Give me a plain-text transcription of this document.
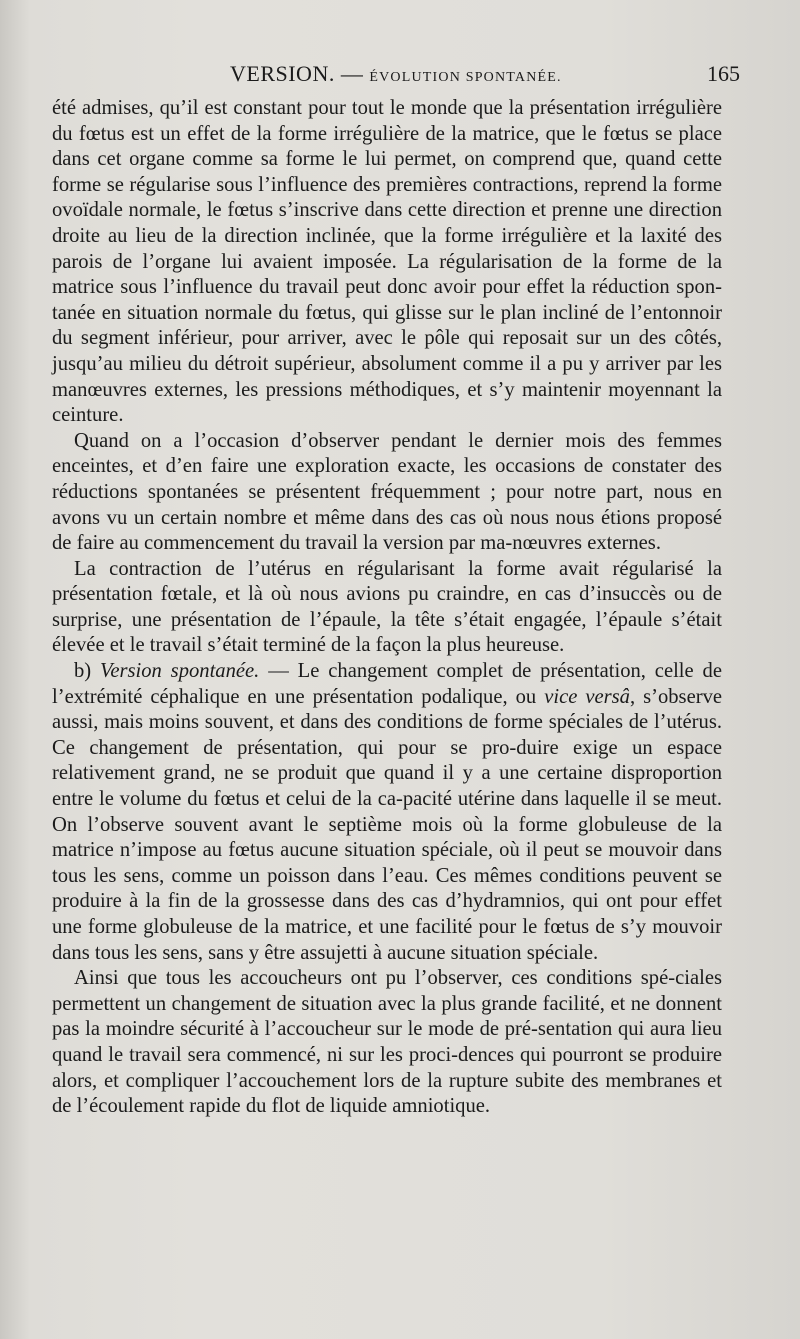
VERSION. — ÉVOLUTION SPONTANÉE.	165

été admises, qu’il est constant pour tout le monde que la présentation irrégulière du fœtus est un effet de la forme irrégulière de la matrice, que le fœtus se place dans cet organe comme sa forme le lui permet, on comprend que, quand cette forme se régularise sous l’influence des premières contractions, reprend la forme ovoïdale normale, le fœtus s’inscrive dans cette direction et prenne une direction droite au lieu de la direction inclinée, que la forme irrégulière et la laxité des parois de l’organe lui avaient imposée. La régularisation de la forme de la matrice sous l’influence du travail peut donc avoir pour effet la réduction spon-tanée en situation normale du fœtus, qui glisse sur le plan incliné de l’entonnoir du segment inférieur, pour arriver, avec le pôle qui reposait sur un des côtés, jusqu’au milieu du détroit supérieur, absolument comme il a pu y arriver par les manœuvres externes, les pressions méthodiques, et s’y maintenir moyennant la ceinture.

Quand on a l’occasion d’observer pendant le dernier mois des femmes enceintes, et d’en faire une exploration exacte, les occasions de constater des réductions spontanées se présentent fréquemment ; pour notre part, nous en avons vu un certain nombre et même dans des cas où nous nous étions proposé de faire au commencement du travail la version par ma-nœuvres externes.

La contraction de l’utérus en régularisant la forme avait régularisé la présentation fœtale, et là où nous avions pu craindre, en cas d’insuccès ou de surprise, une présentation de l’épaule, la tête s’était engagée, l’épaule s’était élevée et le travail s’était terminé de la façon la plus heureuse.

b) Version spontanée. — Le changement complet de présentation, celle de l’extrémité céphalique en une présentation podalique, ou vice versâ, s’observe aussi, mais moins souvent, et dans des conditions de forme spéciales de l’utérus. Ce changement de présentation, qui pour se pro-duire exige un espace relativement grand, ne se produit que quand il y a une certaine disproportion entre le volume du fœtus et celui de la ca-pacité utérine dans laquelle il se meut. On l’observe souvent avant le septième mois où la forme globuleuse de la matrice n’impose au fœtus aucune situation spéciale, où il peut se mouvoir dans tous les sens, comme un poisson dans l’eau. Ces mêmes conditions peuvent se produire à la fin de la grossesse dans des cas d’hydramnios, qui ont pour effet une forme globuleuse de la matrice, et une facilité pour le fœtus de s’y mouvoir dans tous les sens, sans y être assujetti à aucune situation spéciale.

Ainsi que tous les accoucheurs ont pu l’observer, ces conditions spé-ciales permettent un changement de situation avec la plus grande facilité, et ne donnent pas la moindre sécurité à l’accoucheur sur le mode de pré-sentation qui aura lieu quand le travail sera commencé, ni sur les proci-dences qui pourront se produire alors, et compliquer l’accouchement lors de la rupture subite des membranes et de l’écoulement rapide du flot de liquide amniotique.
